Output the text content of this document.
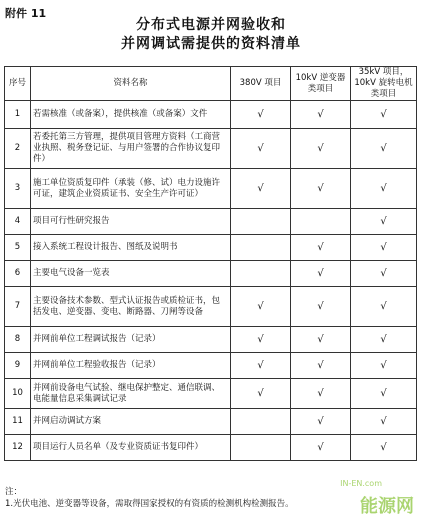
附件 11
分布式电源并网验收和
并网调试需提供的资料清单
序号	资料名称	380V 项目	10kV 逆变器类项目	35kV 项目，10kV 旋转电机类项目
1	若需核准（或备案），提供核准（或备案）文件	√	√	√
2	若委托第三方管理，提供项目管理方资料（工商营业执照、税务登记证、与用户签署的合作协议复印件）	√	√	√
3	施工单位资质复印件（承装（修、试）电力设施许可证，建筑企业资质证书、安全生产许可证）	√	√	√
4	项目可行性研究报告			√
5	接入系统工程设计报告、图纸及说明书		√	√
6	主要电气设备一览表		√	√
7	主要设备技术参数、型式认证报告或质检证书，包括发电、逆变器、变电、断路器、刀闸等设备	√	√	√
8	并网前单位工程调试报告（记录）	√	√	√
9	并网前单位工程验收报告（记录）	√	√	√
10	并网前设备电气试验、继电保护整定、通信联调、电能量信息采集调试记录	√	√	√
11	并网启动调试方案		√	√
12	项目运行人员名单（及专业资质证书复印件）		√	√
注：
1.光伏电池、逆变器等设备，需取得国家授权的有资质的检测机构检测报告。
IN-EN.com
能源网
